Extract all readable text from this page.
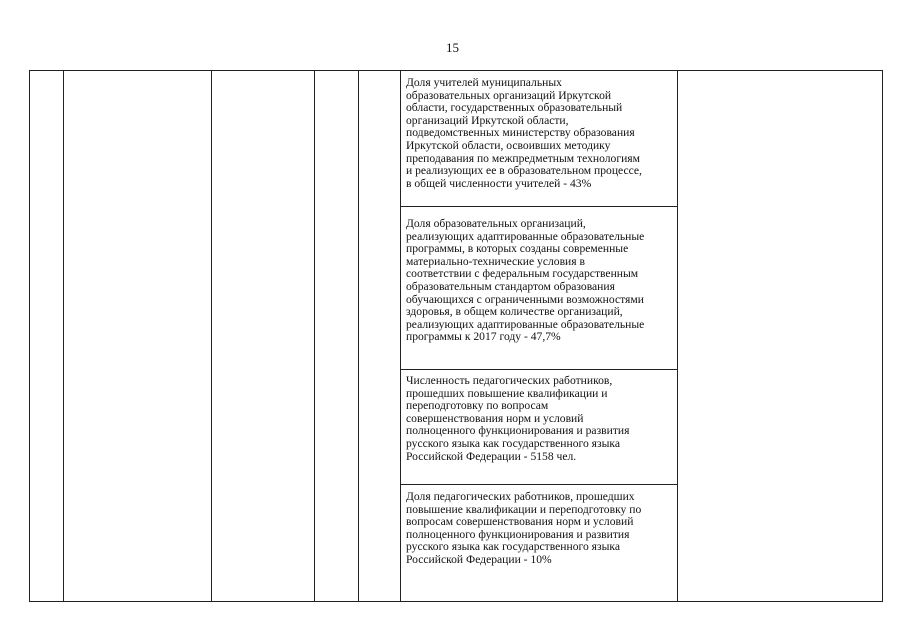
15
Доля учителей муниципальных
образовательных организаций Иркутской
области, государственных образовательный
организаций Иркутской области,
подведомственных министерству образования
Иркутской области, освоивших методику
преподавания по межпредметным технологиям
и реализующих ее в образовательном процессе,
в общей численности учителей - 43%
Доля образовательных организаций,
реализующих адаптированные образовательные
программы, в которых созданы современные
материально-технические условия в
соответствии с федеральным государственным
образовательным стандартом образования
обучающихся с ограниченными возможностями
здоровья, в общем количестве организаций,
реализующих адаптированные образовательные
программы к 2017 году - 47,7%
Численность педагогических работников,
прошедших повышение квалификации и
переподготовку по вопросам
совершенствования норм и условий
полноценного функционирования и развития
русского языка как государственного языка
Российской Федерации - 5158 чел.
Доля педагогических работников, прошедших
повышение квалификации и переподготовку по
вопросам совершенствования норм и условий
полноценного функционирования и развития
русского языка как государственного языка
Российской Федерации - 10%
